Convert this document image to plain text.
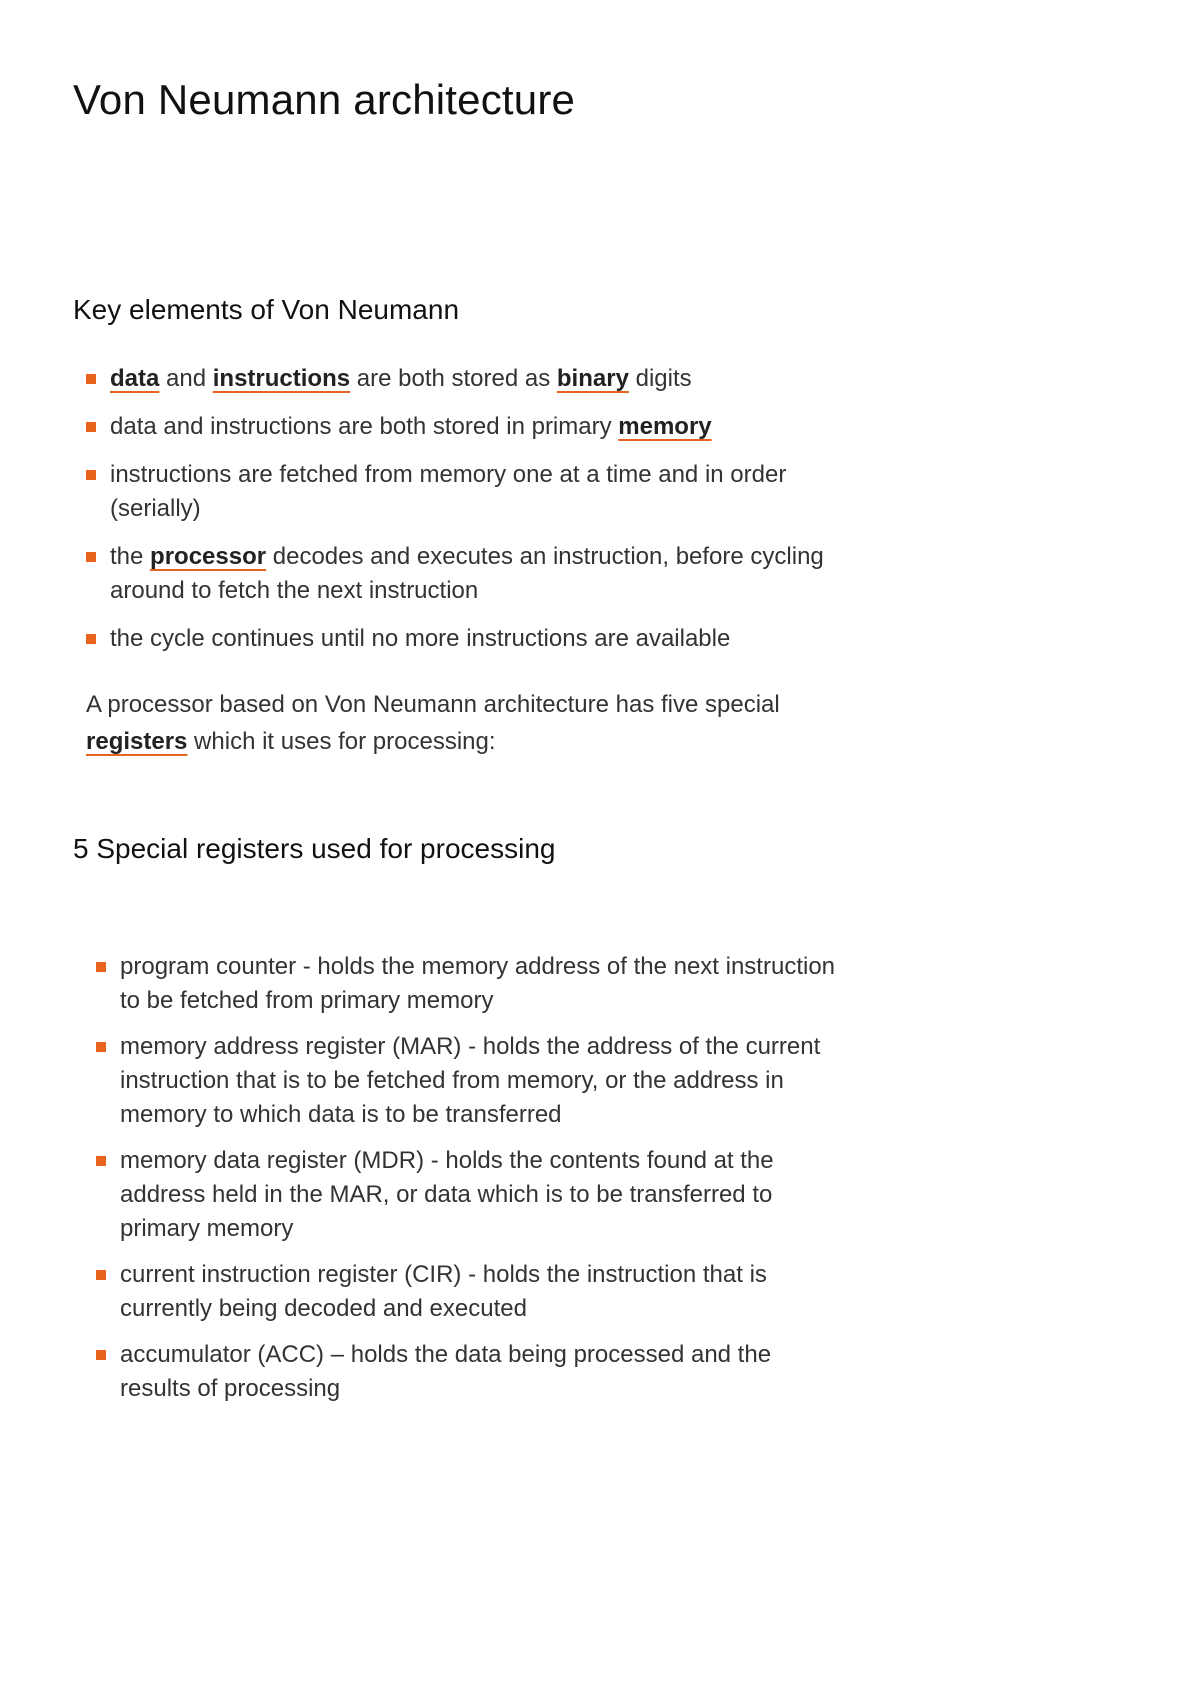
Von Neumann architecture
Key elements of Von Neumann
data and instructions are both stored as binary digits
data and instructions are both stored in primary memory
instructions are fetched from memory one at a time and in order (serially)
the processor decodes and executes an instruction, before cycling around to fetch the next instruction
the cycle continues until no more instructions are available

A processor based on Von Neumann architecture has five special registers which it uses for processing:

5 Special registers used for processing
program counter - holds the memory address of the next instruction to be fetched from primary memory
memory address register (MAR) - holds the address of the current instruction that is to be fetched from memory, or the address in memory to which data is to be transferred
memory data register (MDR) - holds the contents found at the address held in the MAR, or data which is to be transferred to primary memory
current instruction register (CIR) - holds the instruction that is currently being decoded and executed
accumulator (ACC) – holds the data being processed and the results of processing
